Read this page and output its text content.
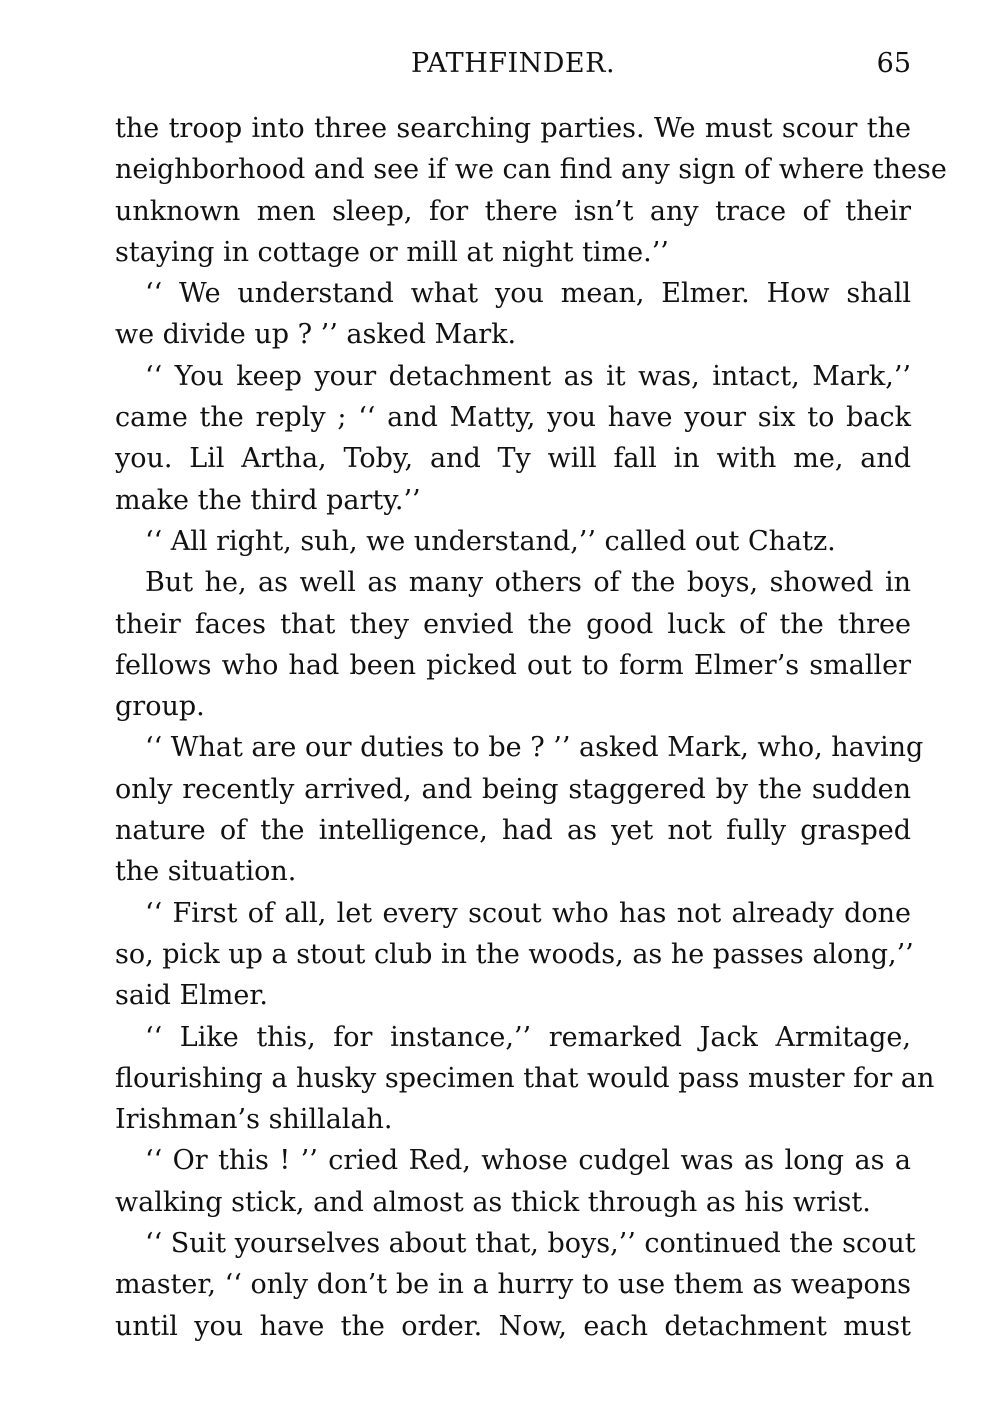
PATHFINDER.	65
the troop into three searching parties. We must scour the
neighborhood and see if we can find any sign of where these
unknown men sleep, for there isn’t any trace of their
staying in cottage or mill at night time.’’
‘‘ We understand what you mean, Elmer. How shall
we divide up ? ’’ asked Mark.
‘‘ You keep your detachment as it was, intact, Mark,’’
came the reply ; ‘‘ and Matty, you have your six to back
you. Lil Artha, Toby, and Ty will fall in with me, and
make the third party.’’
‘‘ All right, suh, we understand,’’ called out Chatz.
But he, as well as many others of the boys, showed in
their faces that they envied the good luck of the three
fellows who had been picked out to form Elmer’s smaller
group.
‘‘ What are our duties to be ? ’’ asked Mark, who, having
only recently arrived, and being staggered by the sudden
nature of the intelligence, had as yet not fully grasped
the situation.
‘‘ First of all, let every scout who has not already done
so, pick up a stout club in the woods, as he passes along,’’
said Elmer.
‘‘ Like this, for instance,’’ remarked Jack Armitage,
flourishing a husky specimen that would pass muster for an
Irishman’s shillalah.
‘‘ Or this ! ’’ cried Red, whose cudgel was as long as a
walking stick, and almost as thick through as his wrist.
‘‘ Suit yourselves about that, boys,’’ continued the scout
master, ‘‘ only don’t be in a hurry to use them as weapons
until you have the order. Now, each detachment must
